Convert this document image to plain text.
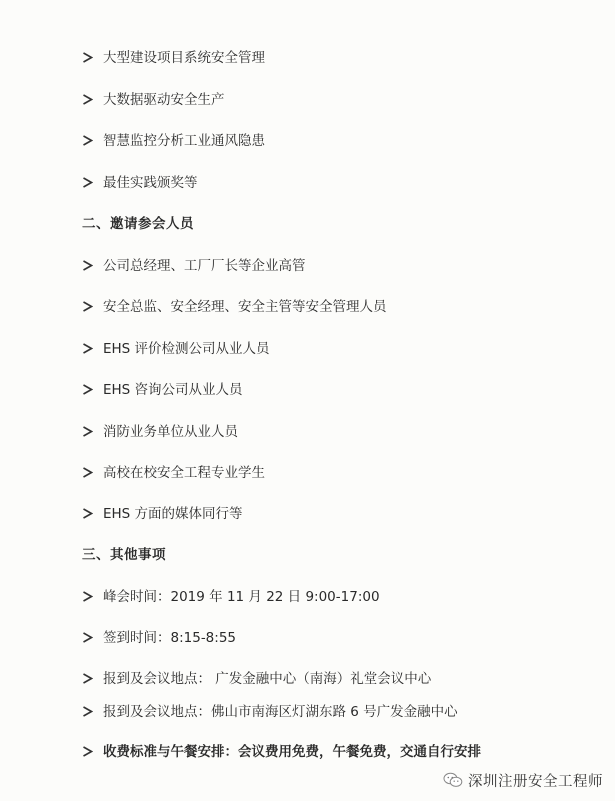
大型建设项目系统安全管理
大数据驱动安全生产
智慧监控分析工业通风隐患
最佳实践颁奖等
二、邀请参会人员
公司总经理、工厂厂长等企业高管
安全总监、安全经理、安全主管等安全管理人员
EHS 评价检测公司从业人员
EHS 咨询公司从业人员
消防业务单位从业人员
高校在校安全工程专业学生
EHS 方面的媒体同行等
三、其他事项
峰会时间：2019 年 11 月 22 日 9:00-17:00
签到时间：8:15-8:55
报到及会议地点： 广发金融中心（南海）礼堂会议中心
报到及会议地点：佛山市南海区灯湖东路 6 号广发金融中心
收费标准与午餐安排：会议费用免费，午餐免费，交通自行安排
深圳注册安全工程师
